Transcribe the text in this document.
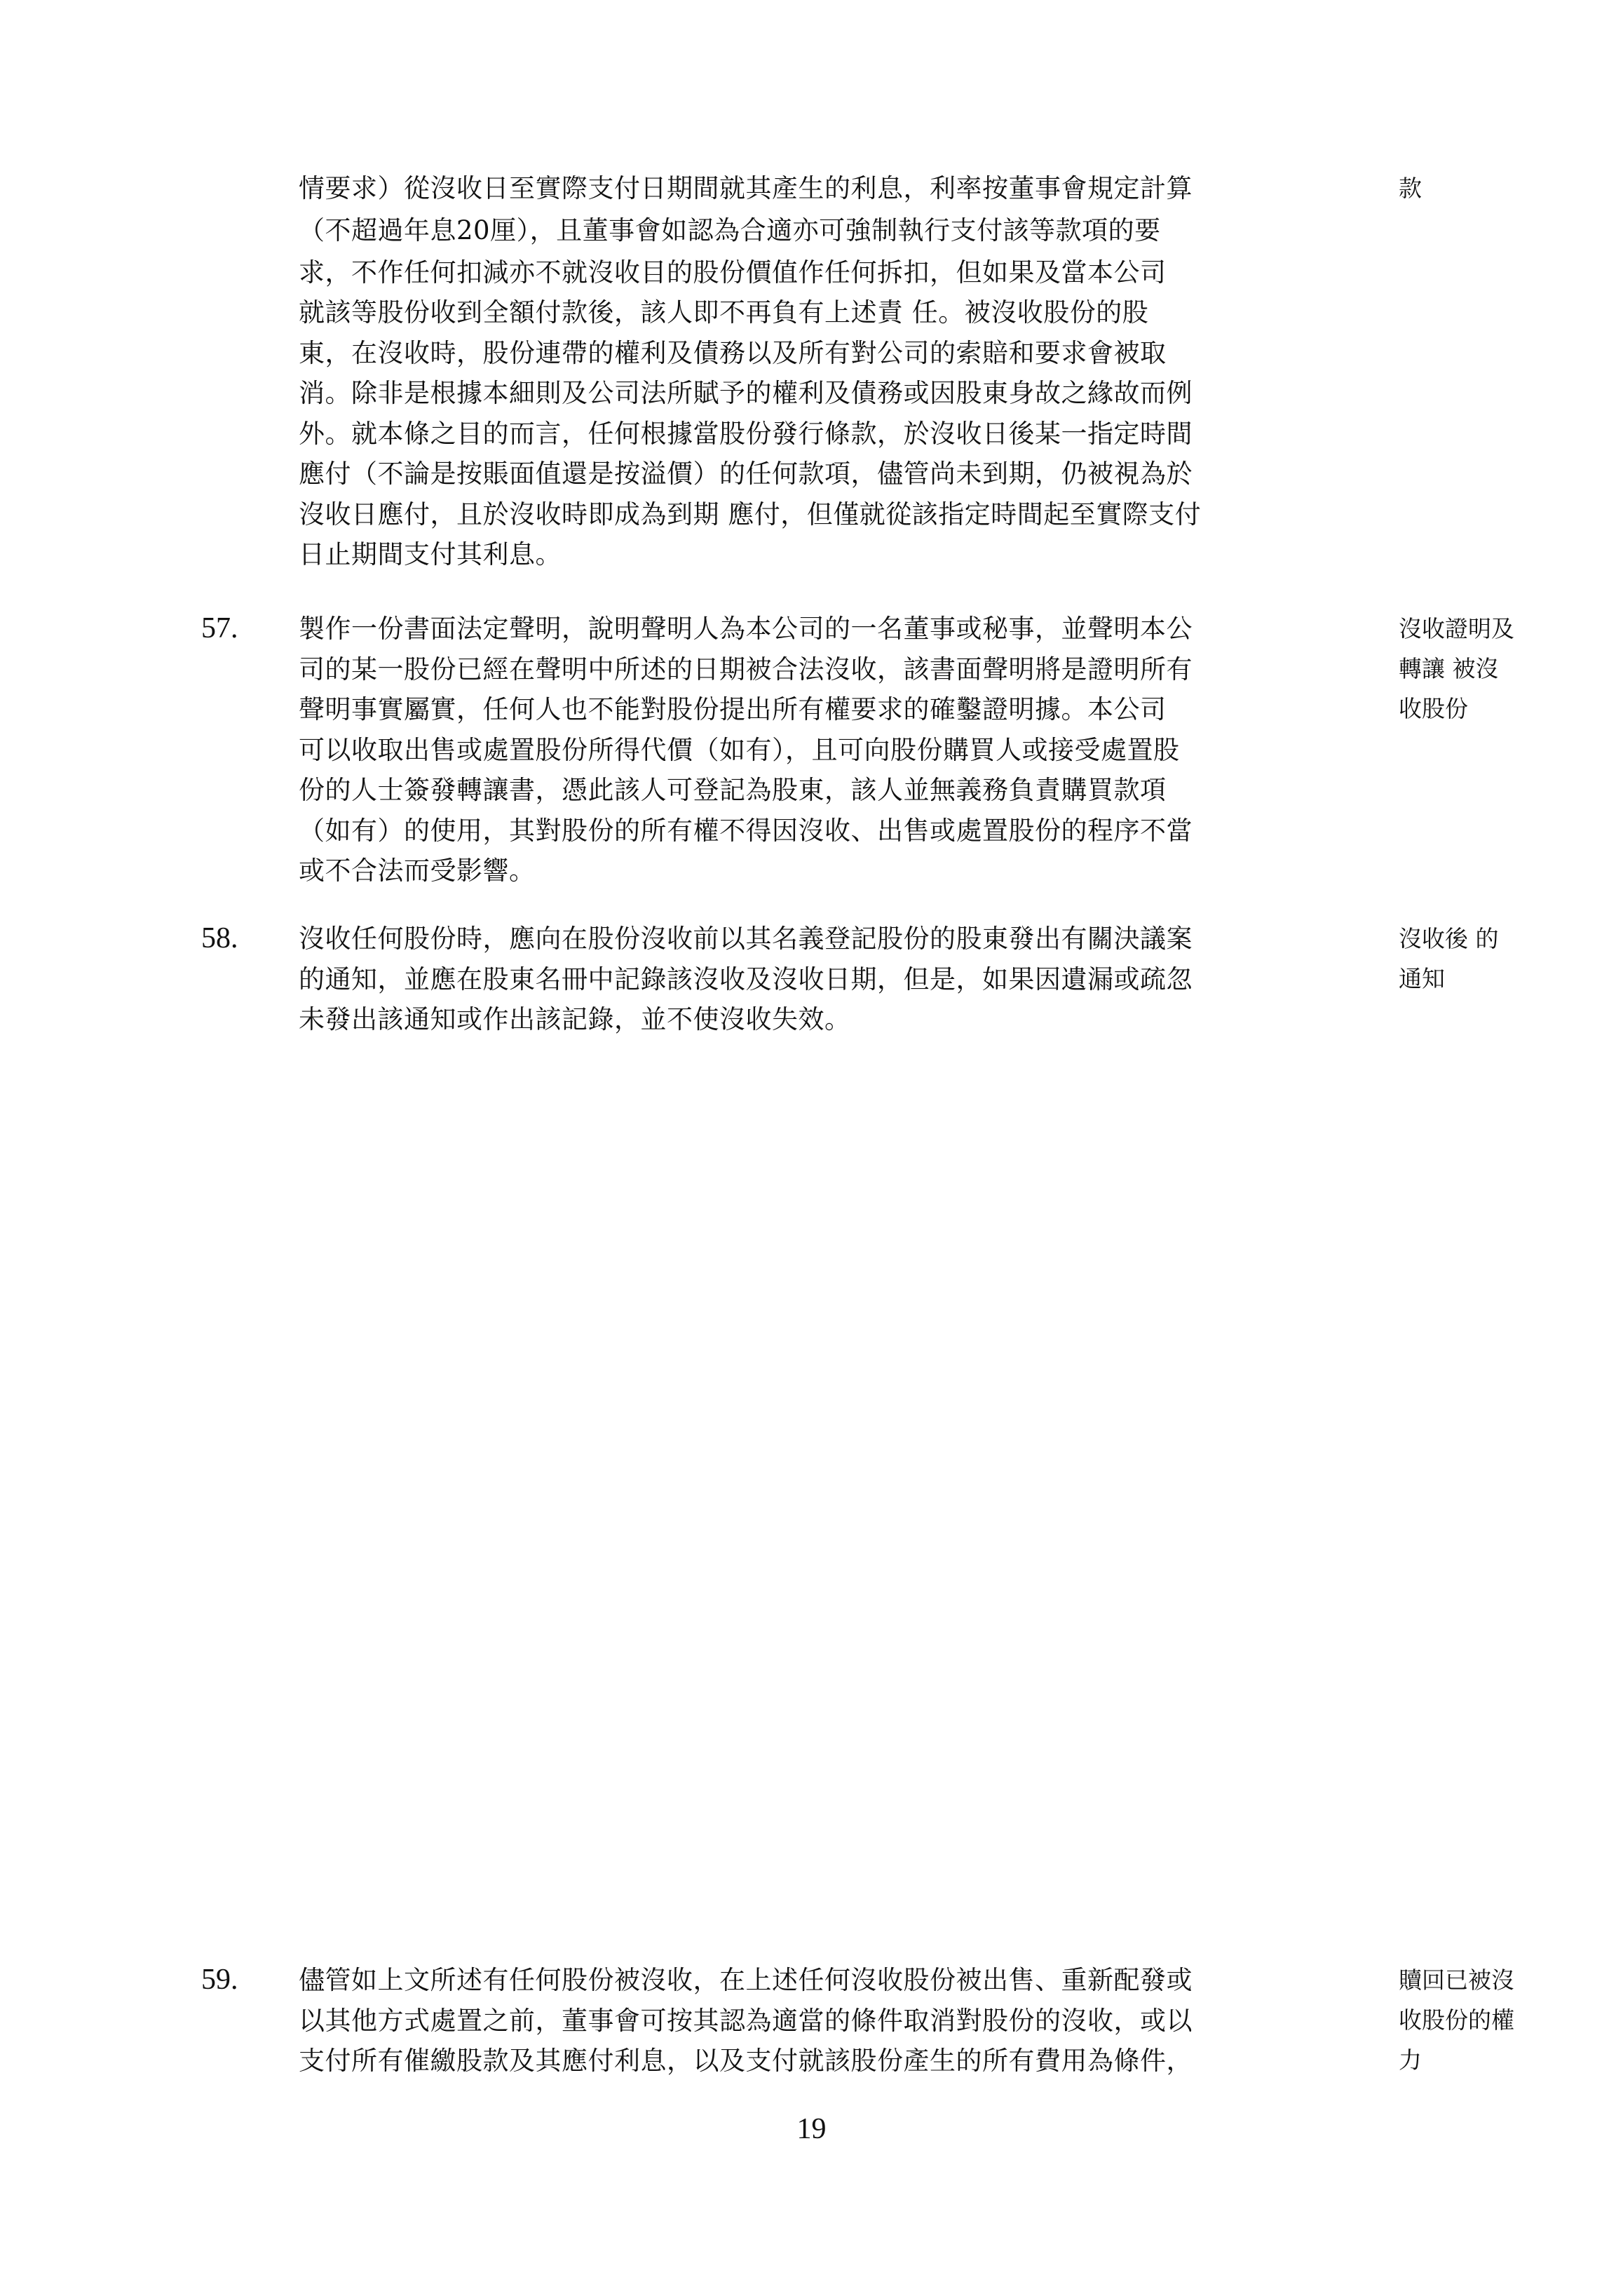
情要求）從沒收日至實際支付日期間就其產生的利息，利率按董事會規定計算
（不超過年息20厘），且董事會如認為合適亦可強制執行支付該等款項的要
求，不作任何扣減亦不就沒收目的股份價值作任何拆扣，但如果及當本公司
就該等股份收到全額付款後，該人即不再負有上述責 任。被沒收股份的股
東，在沒收時，股份連帶的權利及債務以及所有對公司的索賠和要求會被取
消。除非是根據本細則及公司法所賦予的權利及債務或因股東身故之緣故而例
外。就本條之目的而言，任何根據當股份發行條款，於沒收日後某一指定時間
應付（不論是按賬面值還是按溢價）的任何款項，儘管尚未到期，仍被視為於
沒收日應付，且於沒收時即成為到期 應付，但僅就從該指定時間起至實際支付
日止期間支付其利息。
款
57. 製作一份書面法定聲明，說明聲明人為本公司的一名董事或秘事，並聲明本公
司的某一股份已經在聲明中所述的日期被合法沒收，該書面聲明將是證明所有
聲明事實屬實，任何人也不能對股份提出所有權要求的確鑿證明據。本公司
可以收取出售或處置股份所得代價（如有），且可向股份購買人或接受處置股
份的人士簽發轉讓書，憑此該人可登記為股東，該人並無義務負責購買款項
（如有）的使用，其對股份的所有權不得因沒收、出售或處置股份的程序不當
或不合法而受影響。
沒收證明及
轉讓 被沒
收股份
58. 沒收任何股份時，應向在股份沒收前以其名義登記股份的股東發出有關決議案
的通知，並應在股東名冊中記錄該沒收及沒收日期，但是，如果因遺漏或疏忽
未發出該通知或作出該記錄，並不使沒收失效。
沒收後 的
通知
59. 儘管如上文所述有任何股份被沒收，在上述任何沒收股份被出售、重新配發或
以其他方式處置之前，董事會可按其認為適當的條件取消對股份的沒收，或以
支付所有催繳股款及其應付利息，以及支付就該股份產生的所有費用為條件，
贖回已被沒
收股份的權
力
19
